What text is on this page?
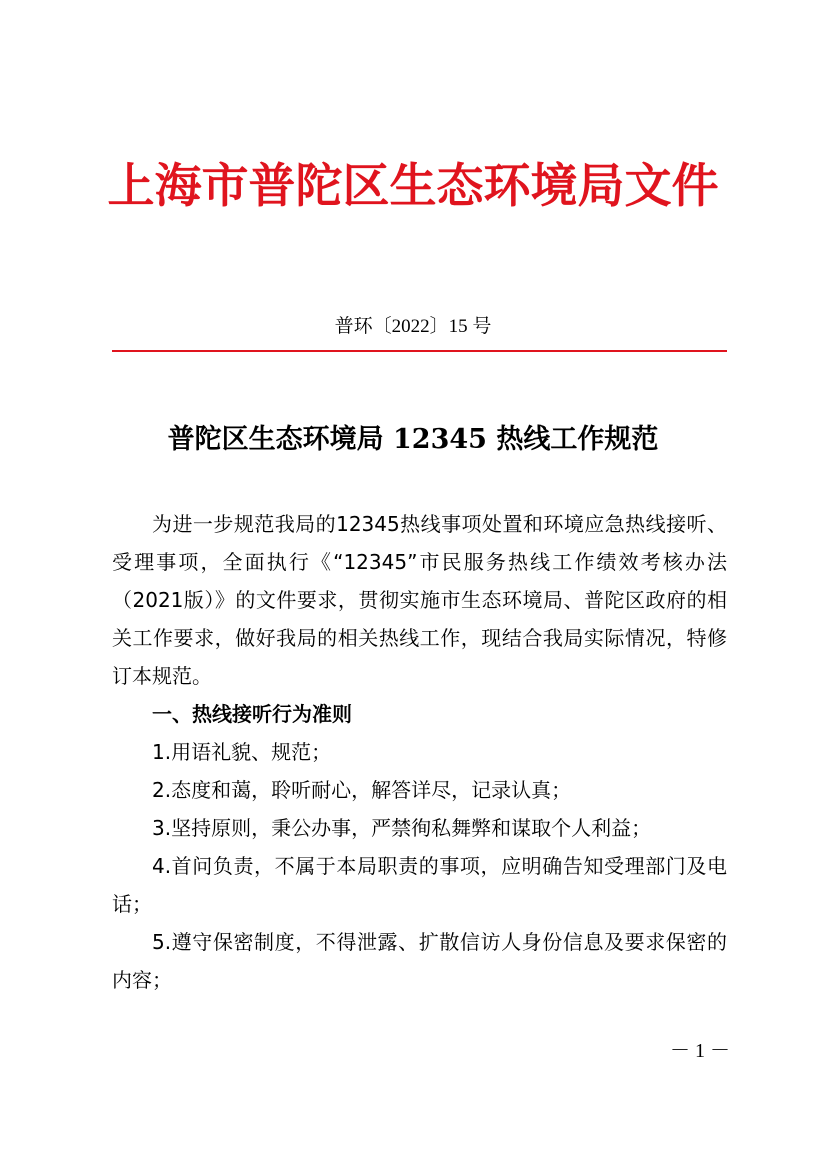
上海市普陀区生态环境局文件
普环〔2022〕15 号
普陀区生态环境局 12345 热线工作规范

为进一步规范我局的12345热线事项处置和环境应急热线接听、受理事项，全面执行《“12345”市民服务热线工作绩效考核办法（2021版）》的文件要求，贯彻实施市生态环境局、普陀区政府的相关工作要求，做好我局的相关热线工作，现结合我局实际情况，特修订本规范。

一、热线接听行为准则

1.用语礼貌、规范；

2.态度和蔼，聆听耐心，解答详尽，记录认真；

3.坚持原则，秉公办事，严禁徇私舞弊和谋取个人利益；

4.首问负责，不属于本局职责的事项，应明确告知受理部门及电话；

5.遵守保密制度，不得泄露、扩散信访人身份信息及要求保密的内容；

－ 1 －
